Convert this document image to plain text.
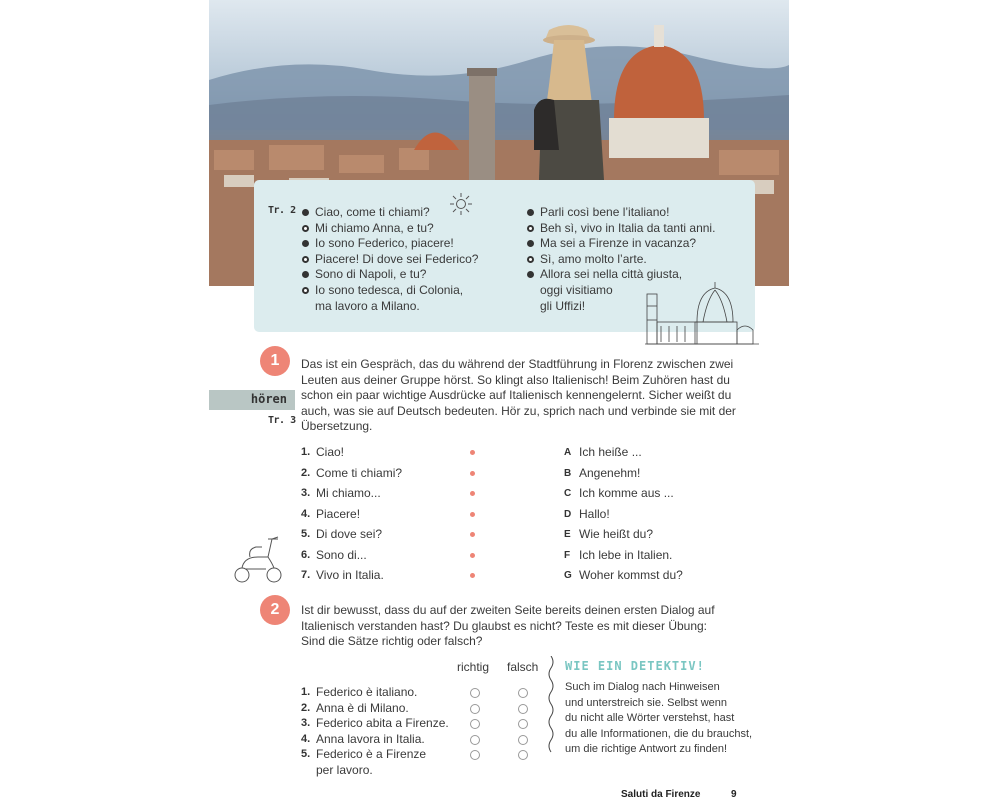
Tr. 2 Ciao, come ti chiami?
Mi chiamo Anna, e tu?
Io sono Federico, piacere!
Piacere! Di dove sei Federico?
Sono di Napoli, e tu?
Io sono tedesca, di Colonia,
ma lavoro a Milano.
Parli così bene l’italiano!
Beh sì, vivo in Italia da tanti anni.
Ma sei a Firenze in vacanza?
Sì, amo molto l’arte.
Allora sei nella città giusta,
oggi visitiamo
gli Uffizi!
1
hören
Tr. 3
Das ist ein Gespräch, das du während der Stadtführung in Florenz zwischen zwei
Leuten aus deiner Gruppe hörst. So klingt also Italienisch! Beim Zuhören hast du
schon ein paar wichtige Ausdrücke auf Italienisch kennengelernt. Sicher weißt du
auch, was sie auf Deutsch bedeuten. Hör zu, sprich nach und verbinde sie mit der
Übersetzung.
1. Ciao!
2. Come ti chiami?
3. Mi chiamo...
4. Piacere!
5. Di dove sei?
6. Sono di...
7. Vivo in Italia.
A Ich heiße ...
B Angenehm!
C Ich komme aus ...
D Hallo!
E Wie heißt du?
F Ich lebe in Italien.
G Woher kommst du?
2	Ist dir bewusst, dass du auf der zweiten Seite bereits deinen ersten Dialog auf
Italienisch verstanden hast? Du glaubst es nicht? Teste es mit dieser Übung:
Sind die Sätze richtig oder falsch?
richtig falsch
1. Federico è italiano.
2. Anna è di Milano.
3. Federico abita a Firenze.
4. Anna lavora in Italia.
5. Federico è a Firenze
per lavoro.
WIE EIN DETEKTIV!
Such im Dialog nach Hinweisen
und unterstreich sie. Selbst wenn
du nicht alle Wörter verstehst, hast
du alle Informationen, die du brauchst,
um die richtige Antwort zu finden!
Saluti da Firenze	9
